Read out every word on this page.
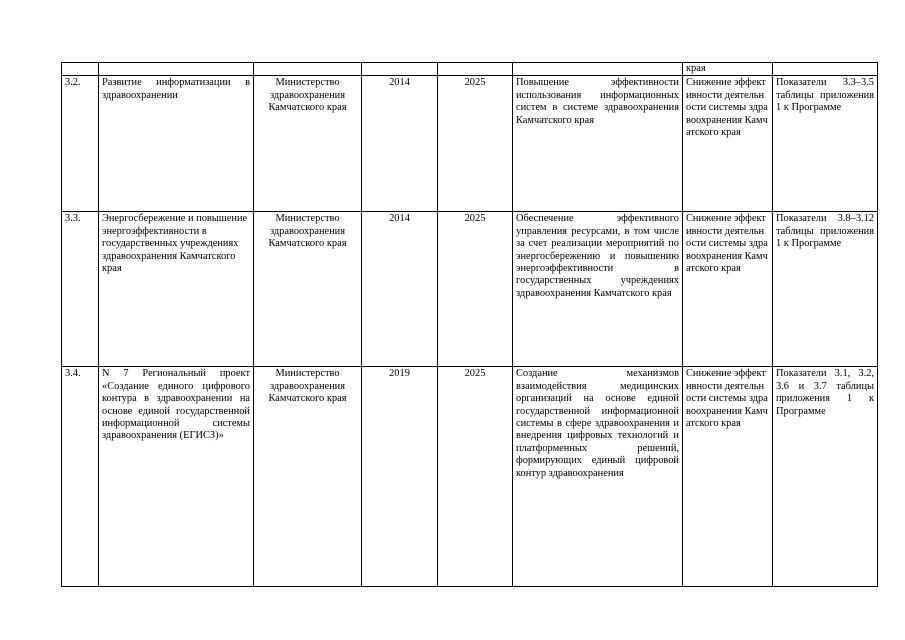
						края	
3.2.	Развитие информатизации в здравоохранении	Министерство здравоохранения Камчатского края	2014	2025	Повышение эффективности использования информационных систем в системе здравоохранения Камчатского края	Снижение эффективности деятельности системы здравоохранения Камчатского края	Показатели 3.3–3.5 таблицы приложения 1 к Программе
3.3.	Энергосбережение и повышение энергоэффективности в государственных учреждениях здравоохранения Камчатского края	Министерство здравоохранения Камчатского края	2014	2025	Обеспечение эффективного управления ресурсами, в том числе за счет реализации мероприятий по энергосбережению и повышению энергоэффективности в государственных учреждениях здравоохранения Камчатского края	Снижение эффективности деятельности системы здравоохранения Камчатского края	Показатели 3.8–3.12 таблицы приложения 1 к Программе
3.4.	N 7 Региональный проект «Создание единого цифрового контура в здравоохранении на основе единой государственной информационной системы здравоохранения (ЕГИСЗ)»	Министерство здравоохранения Камчатского края	2019	2025	Создание механизмов взаимодействия медицинских организаций на основе единой государственной информационной системы в сфере здравоохранения и внедрения цифровых технологий и платформенных решений, формирующих единый цифровой контур здравоохранения	Снижение эффективности деятельности системы здравоохранения Камчатского края	Показатели 3.1, 3.2, 3.6 и 3.7 таблицы приложения 1 к Программе
